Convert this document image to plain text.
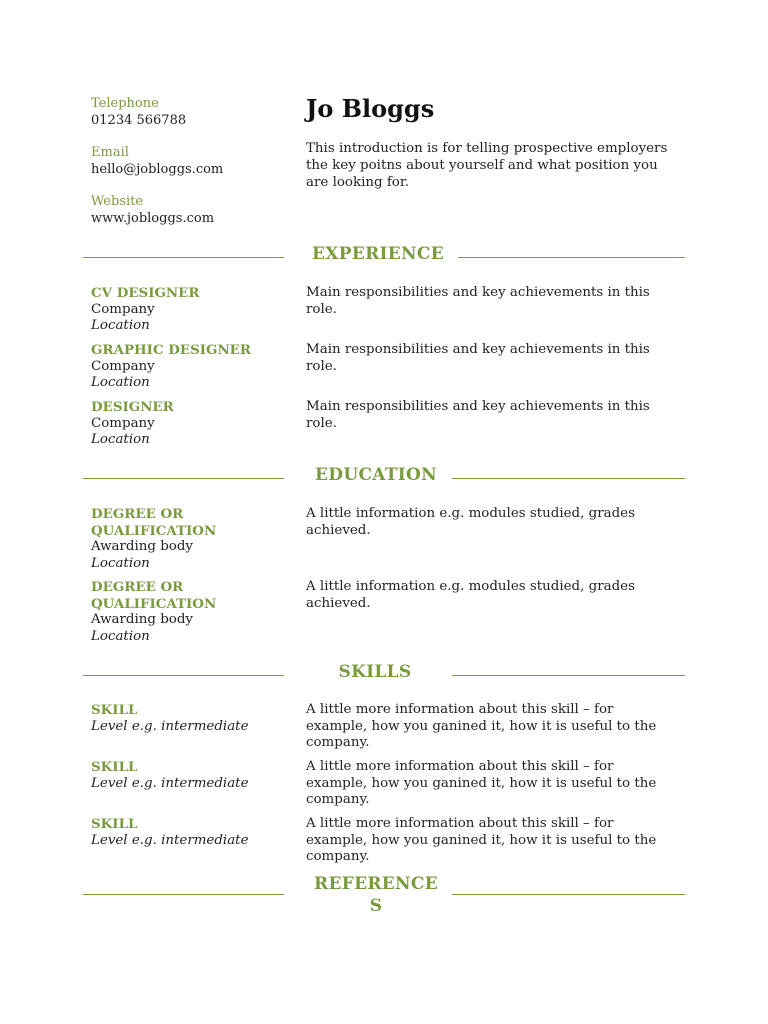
Telephone
01234 566788
Email
hello@jobloggs.com
Website
www.jobloggs.com
Jo Bloggs
This introduction is for telling prospective employers the key poitns about yourself and what position you are looking for.
EXPERIENCE
CV DESIGNER
Company
Location
Main responsibilities and key achievements in this role.
GRAPHIC DESIGNER
Company
Location
Main responsibilities and key achievements in this role.
DESIGNER
Company
Location
Main responsibilities and key achievements in this role.
EDUCATION
DEGREE OR
QUALIFICATION
Awarding body
Location
A little information e.g. modules studied, grades achieved.
DEGREE OR
QUALIFICATION
Awarding body
Location
A little information e.g. modules studied, grades achieved.
SKILLS
SKILL
Level e.g. intermediate
A little more information about this skill – for example, how you ganined it, how it is useful to the company.
SKILL
Level e.g. intermediate
A little more information about this skill – for example, how you ganined it, how it is useful to the company.
SKILL
Level e.g. intermediate
A little more information about this skill – for example, how you ganined it, how it is useful to the company.
REFERENCE
S
